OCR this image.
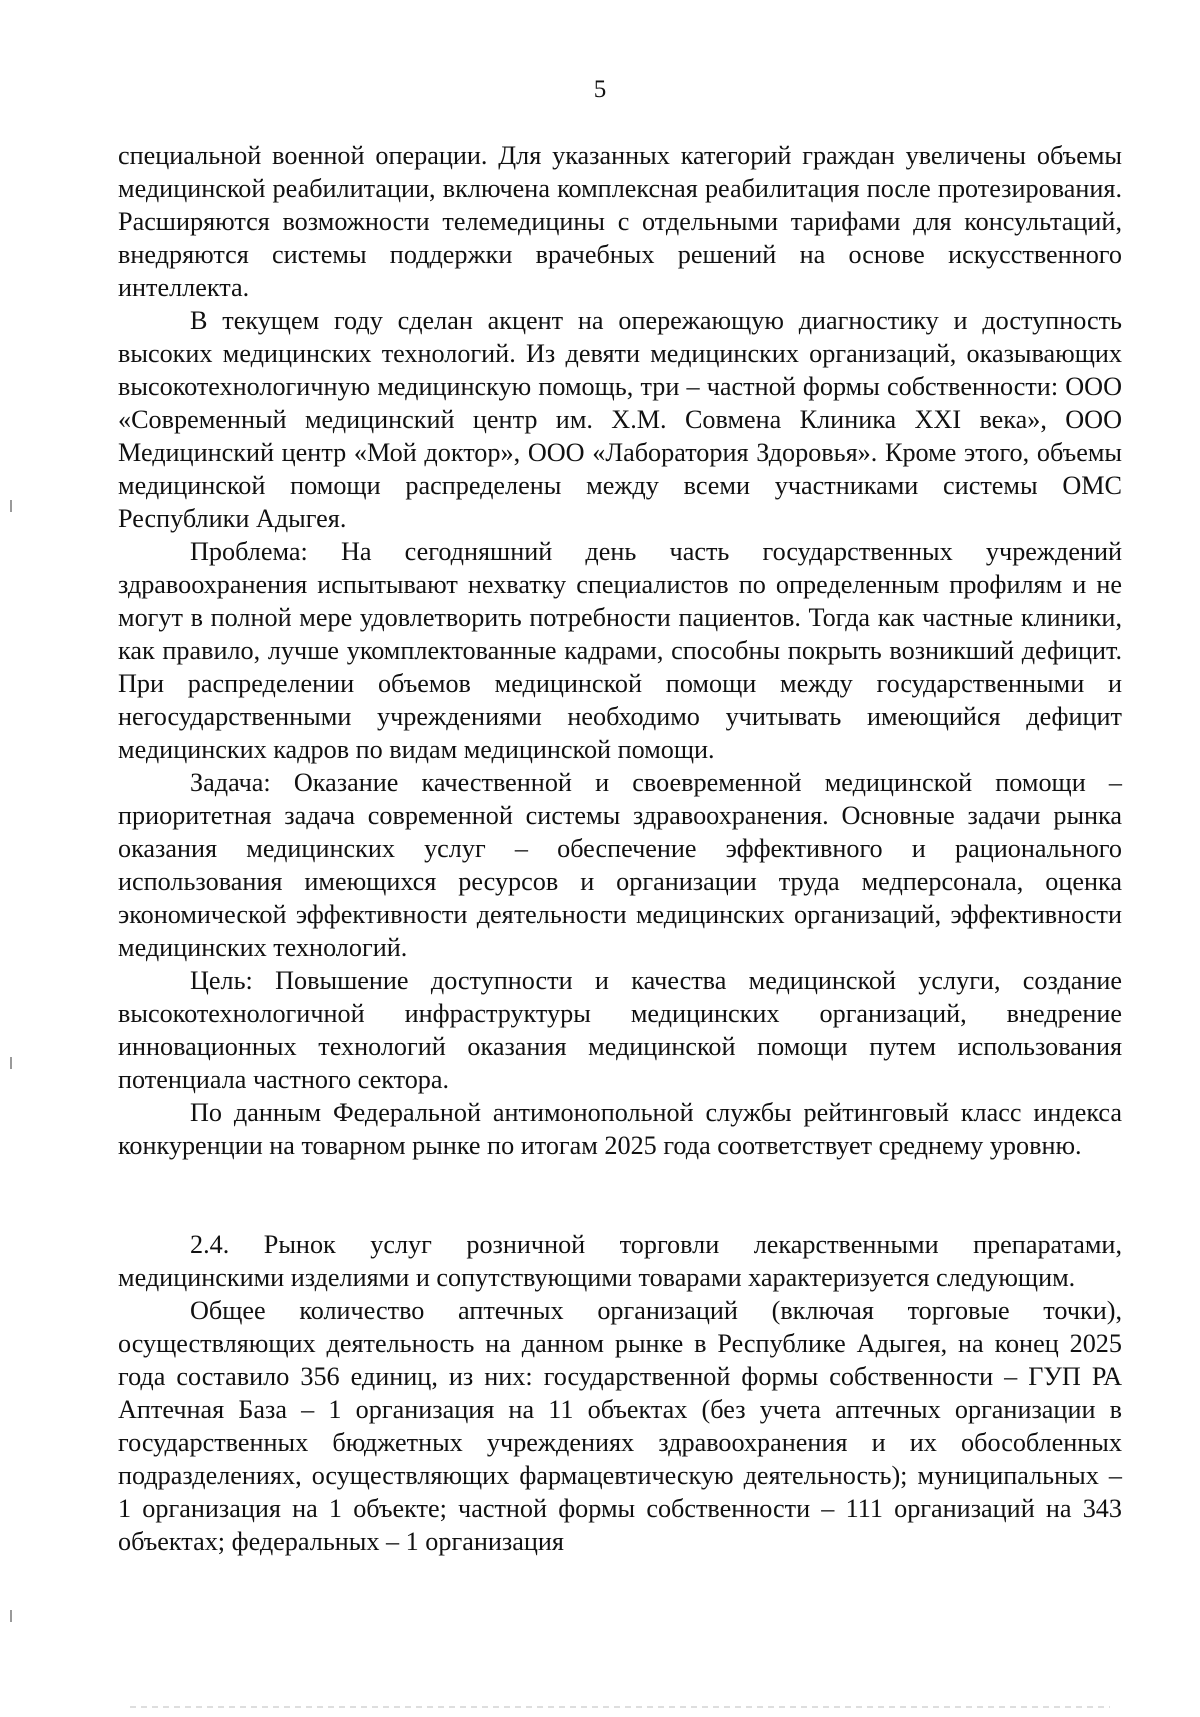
5

специальной военной операции. Для указанных категорий граждан увеличены объемы медицинской реабилитации, включена комплексная реабилитация после протезирования. Расширяются возможности телемедицины с отдельными тарифами для консультаций, внедряются системы поддержки врачебных решений на основе искусственного интеллекта.

В текущем году сделан акцент на опережающую диагностику и доступность высоких медицинских технологий. Из девяти медицинских организаций, оказывающих высокотехнологичную медицинскую помощь, три – частной формы собственности: ООО «Современный медицинский центр им. Х.М. Совмена Клиника XXI века», ООО Медицинский центр «Мой доктор», ООО «Лаборатория Здоровья». Кроме этого, объемы медицинской помощи распределены между всеми участниками системы ОМС Республики Адыгея.

Проблема: На сегодняшний день часть государственных учреждений здравоохранения испытывают нехватку специалистов по определенным профилям и не могут в полной мере удовлетворить потребности пациентов. Тогда как частные клиники, как правило, лучше укомплектованные кадрами, способны покрыть возникший дефицит. При распределении объемов медицинской помощи между государственными и негосударственными учреждениями необходимо учитывать имеющийся дефицит медицинских кадров по видам медицинской помощи.

Задача: Оказание качественной и своевременной медицинской помощи – приоритетная задача современной системы здравоохранения. Основные задачи рынка оказания медицинских услуг – обеспечение эффективного и рационального использования имеющихся ресурсов и организации труда медперсонала, оценка экономической эффективности деятельности медицинских организаций, эффективности медицинских технологий.

Цель: Повышение доступности и качества медицинской услуги, создание высокотехнологичной инфраструктуры медицинских организаций, внедрение инновационных технологий оказания медицинской помощи путем использования потенциала частного сектора.

По данным Федеральной антимонопольной службы рейтинговый класс индекса конкуренции на товарном рынке по итогам 2025 года соответствует среднему уровню.

2.4. Рынок услуг розничной торговли лекарственными препаратами, медицинскими изделиями и сопутствующими товарами характеризуется следующим.

Общее количество аптечных организаций (включая торговые точки), осуществляющих деятельность на данном рынке в Республике Адыгея, на конец 2025 года составило 356 единиц, из них: государственной формы собственности – ГУП РА Аптечная База – 1 организация на 11 объектах (без учета аптечных организации в государственных бюджетных учреждениях здравоохранения и их обособленных подразделениях, осуществляющих фармацевтическую деятельность); муниципальных – 1 организация на 1 объекте; частной формы собственности – 111 организаций на 343 объектах; федеральных – 1 организация
